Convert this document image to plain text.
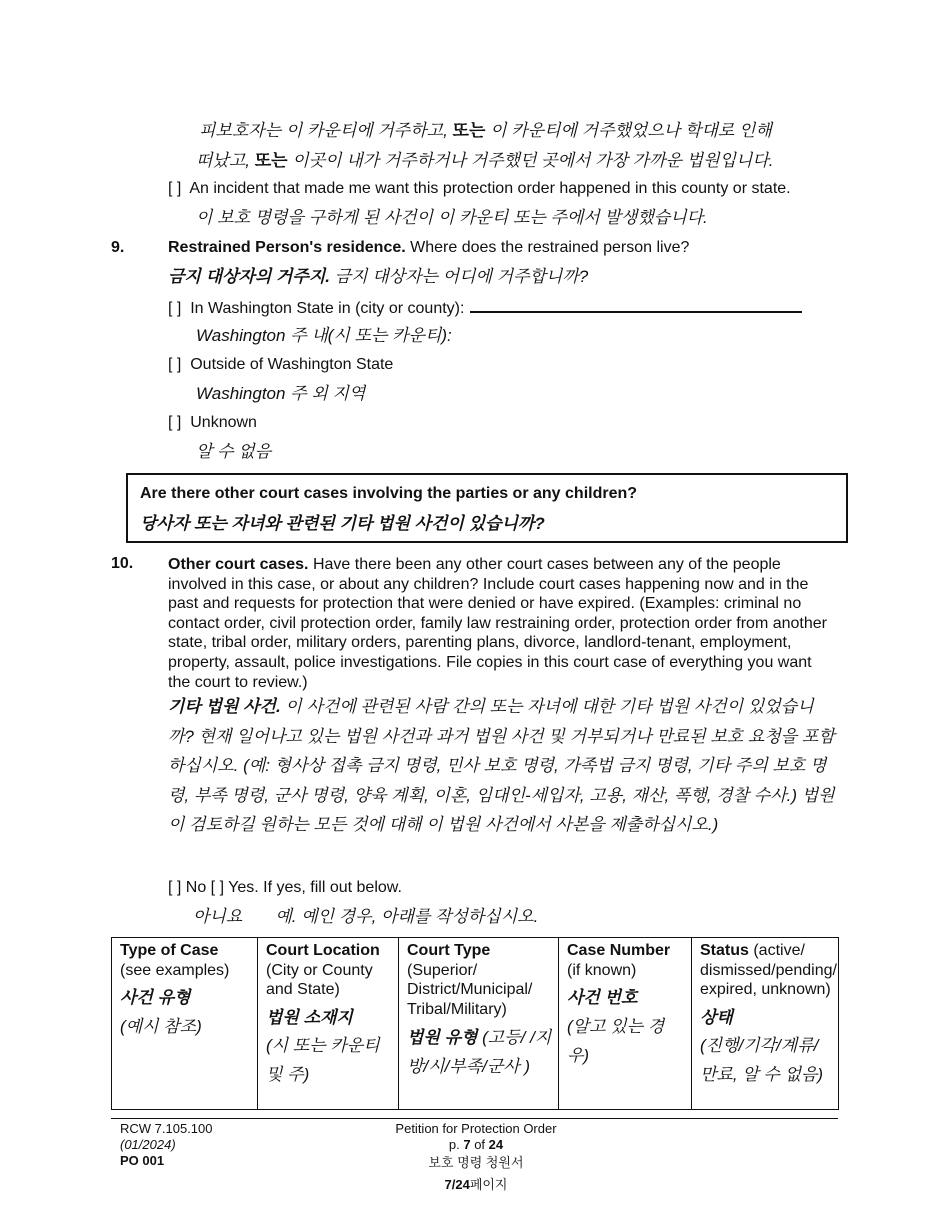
피보호자는 이 카운티에 거주하고, 또는 이 카운티에 거주했었으나 학대로 인해
떠났고, 또는 이곳이 내가 거주하거나 거주했던 곳에서 가장 가까운 법원입니다.
[ ] An incident that made me want this protection order happened in this county or state.
이 보호 명령을 구하게 된 사건이 이 카운티 또는 주에서 발생했습니다.
9.	Restrained Person's residence. Where does the restrained person live?
금지 대상자의 거주지. 금지 대상자는 어디에 거주합니까?
[ ] In Washington State in (city or county):
Washington 주 내(시 또는 카운티):
[ ] Outside of Washington State
Washington 주 외 지역
[ ] Unknown
알 수 없음
Are there other court cases involving the parties or any children?
당사자 또는 자녀와 관련된 기타 법원 사건이 있습니까?
10. Other court cases. Have there been any other court cases between any of the people involved in this case, or about any children? Include court cases happening now and in the past and requests for protection that were denied or have expired. (Examples: criminal no contact order, civil protection order, family law restraining order, protection order from another state, tribal order, military orders, parenting plans, divorce, landlord-tenant, employment, property, assault, police investigations. File copies in this court case of everything you want the court to review.)
기타 법원 사건. 이 사건에 관련된 사람 간의 또는 자녀에 대한 기타 법원 사건이 있었습니까? 현재 일어나고 있는 법원 사건과 과거 법원 사건 및 거부되거나 만료된 보호 요청을 포함하십시오. (예: 형사상 접촉 금지 명령, 민사 보호 명령, 가족법 금지 명령, 기타 주의 보호 명령, 부족 명령, 군사 명령, 양육 계획, 이혼, 임대인-세입자, 고용, 재산, 폭행, 경찰 수사.) 법원이 검토하길 원하는 모든 것에 대해 이 법원 사건에서 사본을 제출하십시오.)
[ ] No [ ] Yes. If yes, fill out below.
아니요       예. 예인 경우, 아래를 작성하십시오.
Type of Case
(see examples)
사건 유형
(예시 참조)
	Court Location
(City or County and State)
법원 소재지
(시 또는 카운티 및 주)
	Court Type
(Superior/ District/Municipal/ Tribal/Military)
법원 유형 (고등/ /지방/시/부족/군사 )
	Case Number
(if known)
사건 번호
(알고 있는 경우)
	Status (active/ dismissed/pending/ expired, unknown)
상태
(진행/기각/계류/ 만료, 알 수 없음)
RCW 7.105.100
(01/2024)
PO 001
Petition for Protection Order
p. 7 of 24
보호 명령 청원서
7/24페이지
